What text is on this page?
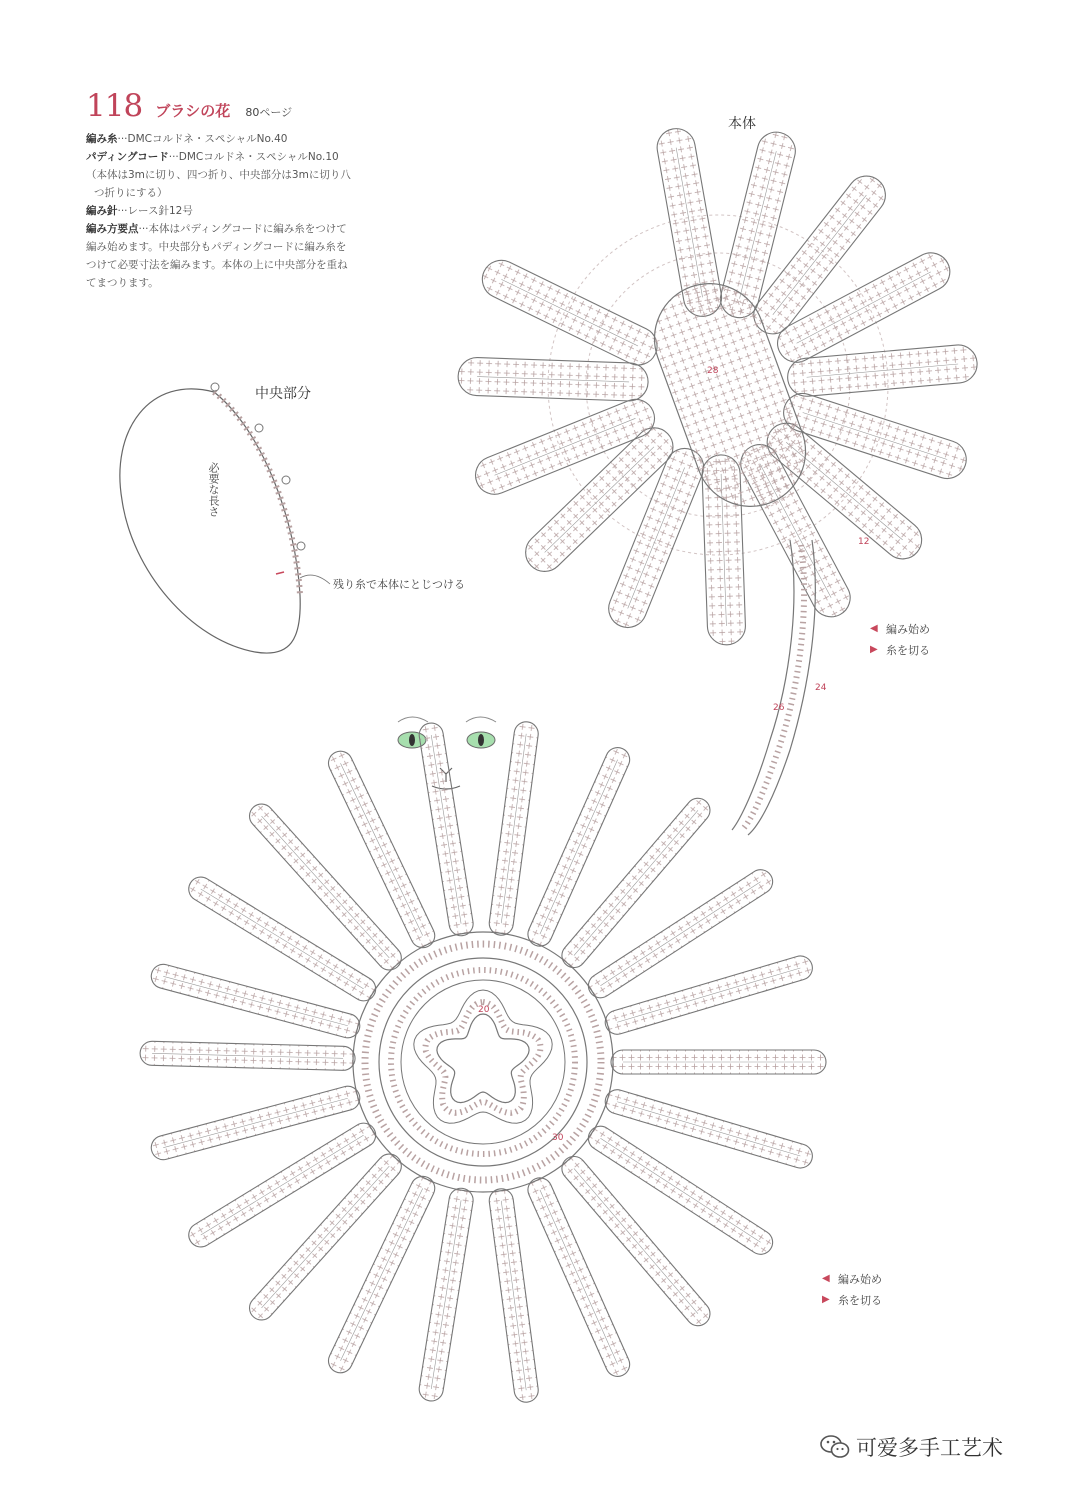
118 ブラシの花 80ページ
編み糸···DMCコルドネ・スペシャルNo.40
パディングコード···DMCコルドネ・スペシャルNo.10
（本体は3mに切り、四つ折り、中央部分は3mに切り八
つ折りにする）
編み針···レース針12号
編み方要点···本体はパディングコードに編み糸をつけて
編み始めます。中央部分もパディングコードに編み糸を
つけて必要寸法を編みます。本体の上に中央部分を重ね
てまつります。
28
24
26
12
20
30
中央部分
本体
必要な長さ
残り糸で本体にとじつける
◀ 編み始め
▶ 糸を切る
◀ 編み始め
▶ 糸を切る
可爱多手工艺术
